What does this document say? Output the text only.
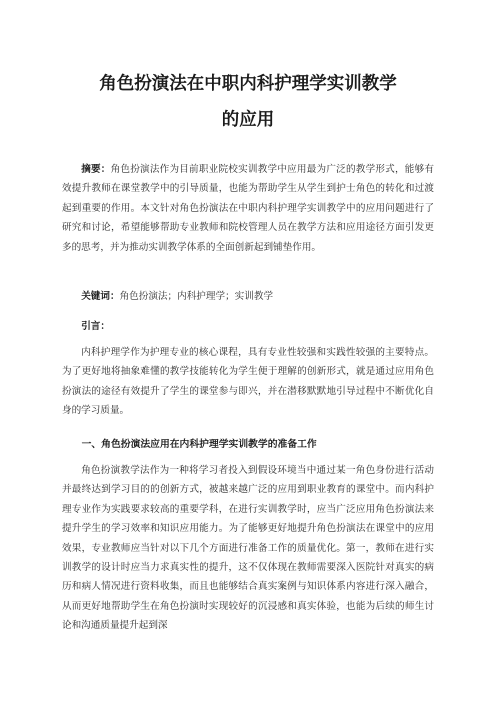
角色扮演法在中职内科护理学实训教学
的应用
摘要：角色扮演法作为目前职业院校实训教学中应用最为广泛的教学形式，能够有效提升教师在课堂教学中的引导质量，也能为帮助学生从学生到护士角色的转化和过渡起到重要的作用。本文针对角色扮演法在中职内科护理学实训教学中的应用问题进行了研究和讨论，希望能够帮助专业教师和院校管理人员在教学方法和应用途径方面引发更多的思考，并为推动实训教学体系的全面创新起到铺垫作用。
关键词：角色扮演法；内科护理学；实训教学
引言：
内科护理学作为护理专业的核心课程，具有专业性较强和实践性较强的主要特点。为了更好地将抽象难懂的教学技能转化为学生便于理解的创新形式，就是通过应用角色扮演法的途径有效提升了学生的课堂参与即兴，并在潜移默默地引导过程中不断优化自身的学习质量。
一、角色扮演法应用在内科护理学实训教学的准备工作
角色扮演教学法作为一种将学习者投入到假设环境当中通过某一角色身份进行活动并最终达到学习目的的创新方式，被越来越广泛的应用到职业教育的课堂中。而内科护理专业作为实践要求较高的重要学科，在进行实训教学时，应当广泛应用角色扮演法来提升学生的学习效率和知识应用能力。为了能够更好地提升角色扮演法在课堂中的应用效果，专业教师应当针对以下几个方面进行准备工作的质量优化。第一，教师在进行实训教学的设计时应当力求真实性的提升，这不仅体现在教师需要深入医院针对真实的病历和病人情况进行资料收集，而且也能够结合真实案例与知识体系内容进行深入融合，从而更好地帮助学生在角色扮演时实现较好的沉浸感和真实体验，也能为后续的师生讨论和沟通质量提升起到深
